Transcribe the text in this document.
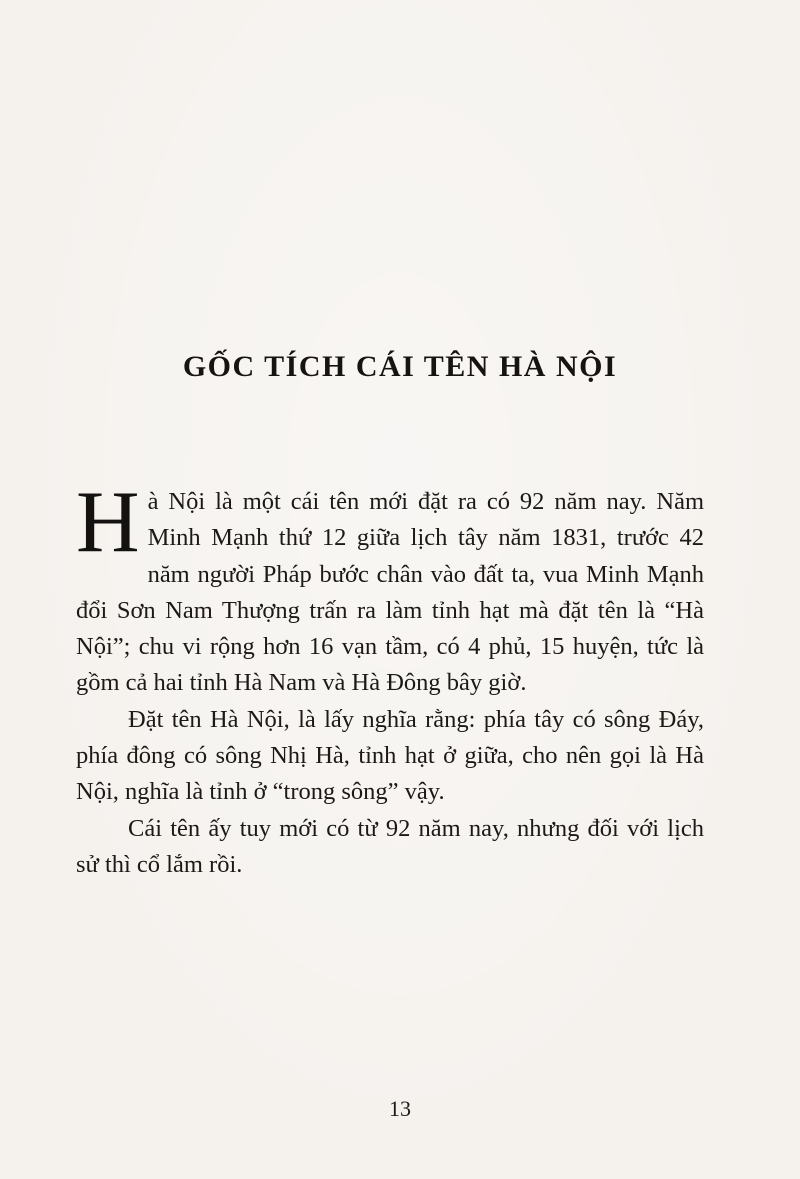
GỐC TÍCH CÁI TÊN HÀ NỘI

Hà Nội là một cái tên mới đặt ra có 92 năm nay. Năm Minh Mạnh thứ 12 giữa lịch tây năm 1831, trước 42 năm người Pháp bước chân vào đất ta, vua Minh Mạnh đổi Sơn Nam Thượng trấn ra làm tỉnh hạt mà đặt tên là “Hà Nội”; chu vi rộng hơn 16 vạn tầm, có 4 phủ, 15 huyện, tức là gồm cả hai tỉnh Hà Nam và Hà Đông bây giờ.

Đặt tên Hà Nội, là lấy nghĩa rằng: phía tây có sông Đáy, phía đông có sông Nhị Hà, tỉnh hạt ở giữa, cho nên gọi là Hà Nội, nghĩa là tỉnh ở “trong sông” vậy.

Cái tên ấy tuy mới có từ 92 năm nay, nhưng đối với lịch sử thì cổ lắm rồi.

13
